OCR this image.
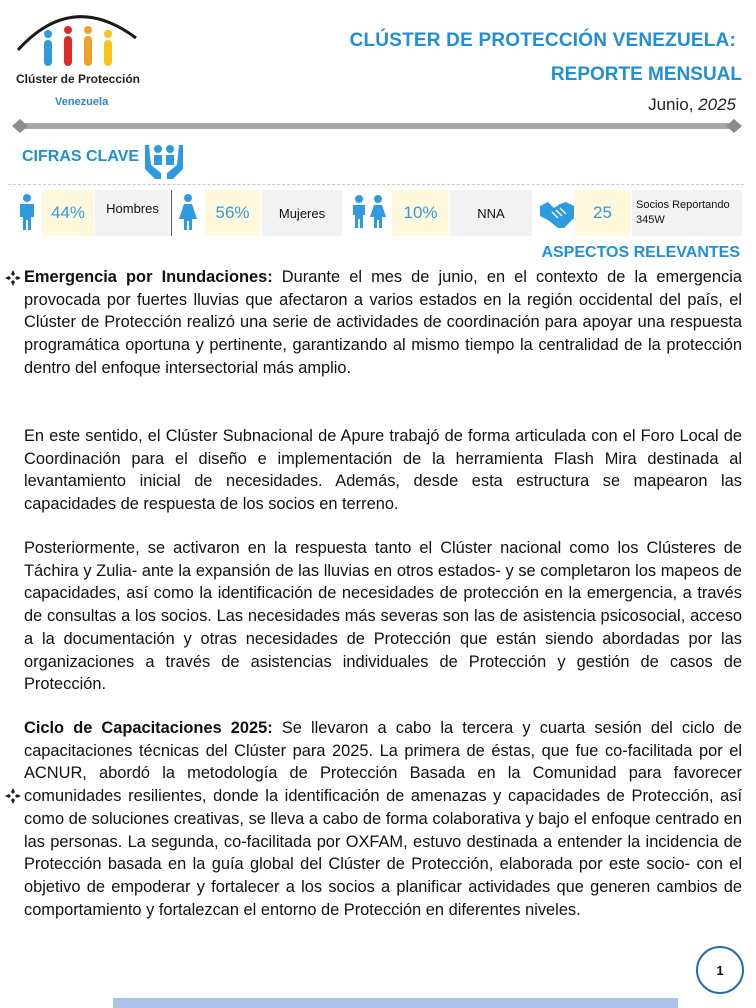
Clúster de Protección
Venezuela
CLÚSTER DE PROTECCIÓN VENEZUELA:
REPORTE MENSUAL
Junio, 2025
CIFRAS CLAVE
44%	Hombres	56%	Mujeres	10%	NNA	25	Socios Reportando 345W
ASPECTOS RELEVANTES

Emergencia por Inundaciones: Durante el mes de junio, en el contexto de la emergencia provocada por fuertes lluvias que afectaron a varios estados en la región occidental del país, el Clúster de Protección realizó una serie de actividades de coordinación para apoyar una respuesta programática oportuna y pertinente, garantizando al mismo tiempo la centralidad de la protección dentro del enfoque intersectorial más amplio.

En este sentido, el Clúster Subnacional de Apure trabajó de forma articulada con el Foro Local de Coordinación para el diseño e implementación de la herramienta Flash Mira destinada al levantamiento inicial de necesidades. Además, desde esta estructura se mapearon las capacidades de respuesta de los socios en terreno.
Posteriormente, se activaron en la respuesta tanto el Clúster nacional como los Clústeres de Táchira y Zulia- ante la expansión de las lluvias en otros estados- y se completaron los mapeos de capacidades, así como la identificación de necesidades de protección en la emergencia, a través de consultas a los socios. Las necesidades más severas son las de asistencia psicosocial, acceso a la documentación y otras necesidades de Protección que están siendo abordadas por las organizaciones a través de asistencias individuales de Protección y gestión de casos de Protección.

Ciclo de Capacitaciones 2025: Se llevaron a cabo la tercera y cuarta sesión del ciclo de capacitaciones técnicas del Clúster para 2025. La primera de éstas, que fue co-facilitada por el ACNUR, abordó la metodología de Protección Basada en la Comunidad para favorecer comunidades resilientes, donde la identificación de amenazas y capacidades de Protección, así como de soluciones creativas, se lleva a cabo de forma colaborativa y bajo el enfoque centrado en las personas. La segunda, co-facilitada por OXFAM, estuvo destinada a entender la incidencia de Protección basada en la guía global del Clúster de Protección, elaborada por este socio- con el objetivo de empoderar y fortalecer a los socios a planificar actividades que generen cambios de comportamiento y fortalezcan el entorno de Protección en diferentes niveles.

1
